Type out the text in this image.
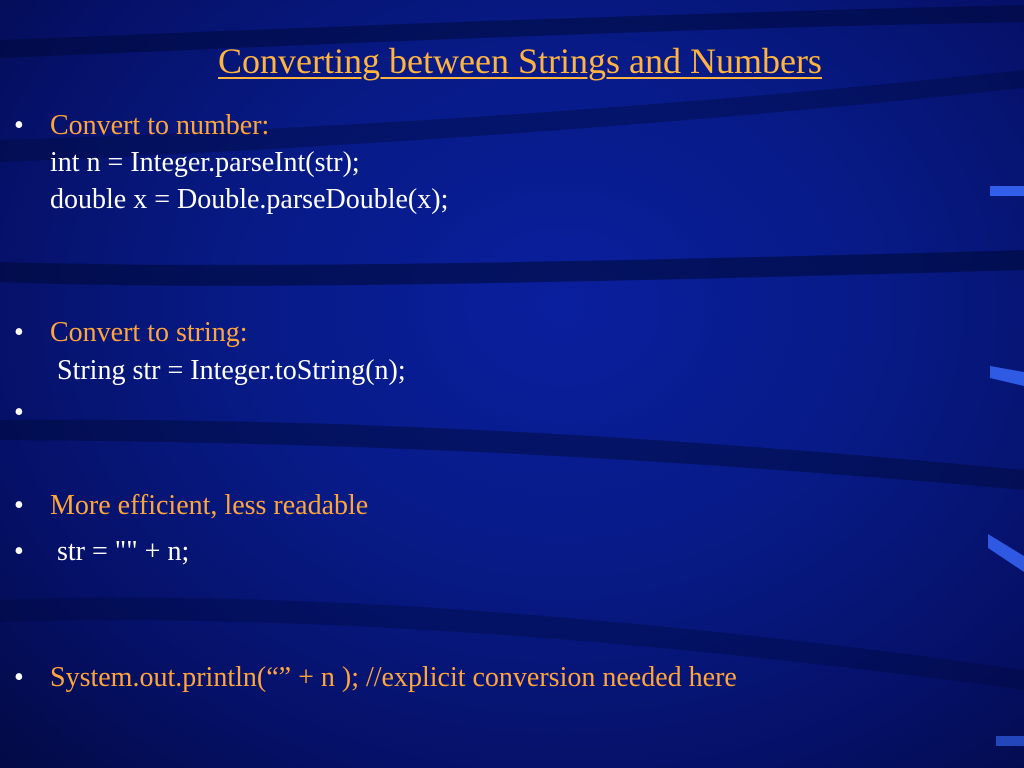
Converting between Strings and Numbers
• Convert to number:
int n = Integer.parseInt(str);
double x = Double.parseDouble(x);
• Convert to string:
String str = Integer.toString(n);
•
• More efficient, less readable
• str = "" + n;
• System.out.println(“” + n ); //explicit conversion needed here
